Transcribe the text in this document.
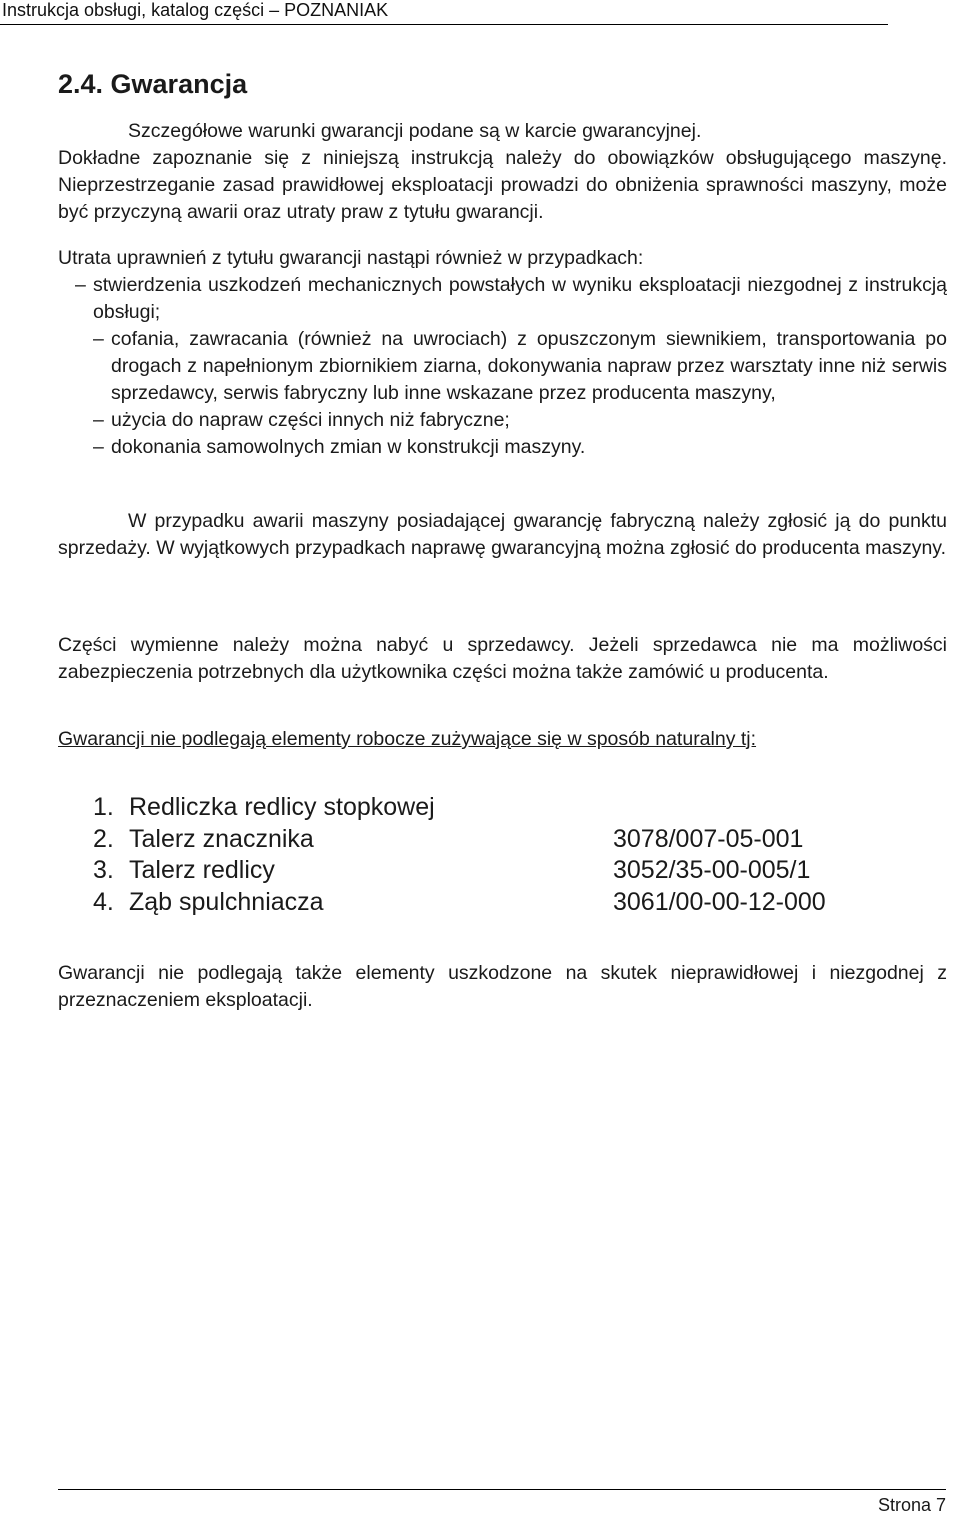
Instrukcja obsługi, katalog części – POZNANIAK
2.4. Gwarancja
Szczegółowe warunki gwarancji podane są w karcie gwarancyjnej.
Dokładne zapoznanie się z niniejszą instrukcją należy do obowiązków obsługującego maszynę. Nieprzestrzeganie zasad prawidłowej eksploatacji prowadzi do obniżenia sprawności maszyny, może być przyczyną awarii oraz utraty praw z tytułu gwarancji.
Utrata uprawnień z tytułu gwarancji nastąpi również w przypadkach:
– stwierdzenia uszkodzeń mechanicznych powstałych w wyniku eksploatacji niezgodnej z instrukcją obsługi;
– cofania, zawracania (również na uwrociach) z opuszczonym siewnikiem, transportowania po drogach z napełnionym zbiornikiem ziarna, dokonywania napraw przez warsztaty inne niż serwis sprzedawcy, serwis fabryczny lub inne wskazane przez producenta maszyny,
– użycia do napraw części innych niż fabryczne;
– dokonania samowolnych zmian w konstrukcji maszyny.
W przypadku awarii maszyny posiadającej gwarancję fabryczną należy zgłosić ją do punktu sprzedaży. W wyjątkowych przypadkach naprawę gwarancyjną można zgłosić do producenta maszyny.
Części wymienne należy można nabyć u sprzedawcy. Jeżeli sprzedawca nie ma możliwości zabezpieczenia potrzebnych dla użytkownika części można także zamówić u producenta.
Gwarancji nie podlegają elementy robocze zużywające się w sposób naturalny tj:
1. Redliczka redlicy stopkowej
2. Talerz znacznika	3078/007-05-001
3. Talerz redlicy	3052/35-00-005/1
4. Ząb spulchniacza	3061/00-00-12-000
Gwarancji nie podlegają także elementy uszkodzone na skutek nieprawidłowej i niezgodnej z przeznaczeniem eksploatacji.
Strona 7
